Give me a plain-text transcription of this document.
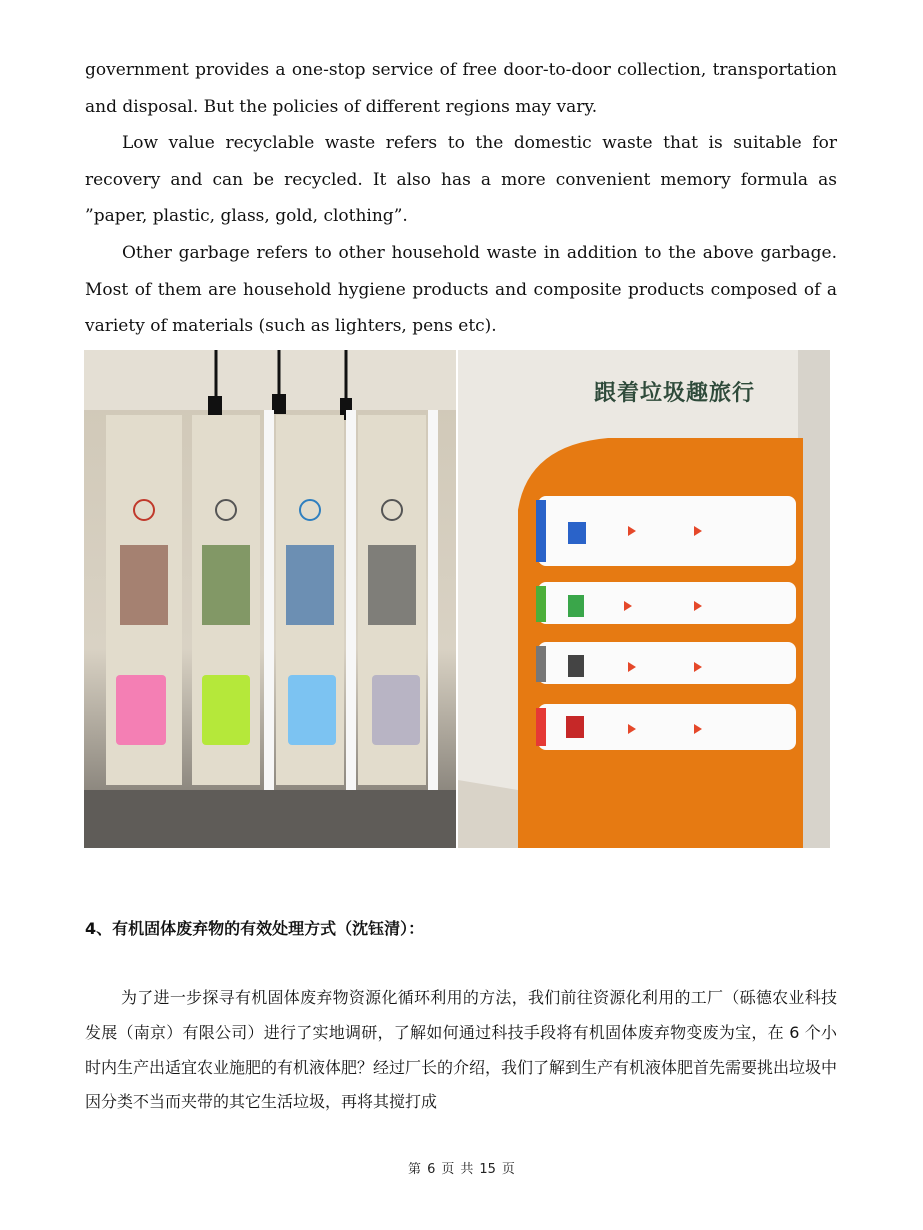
government provides a one-stop service of free door-to-door collection, transportation and disposal. But the policies of different regions may vary.

Low value recyclable waste refers to the domestic waste that is suitable for recovery and can be recycled. It also has a more convenient memory formula as ”paper, plastic, glass, gold, clothing”.

Other garbage refers to other household waste in addition to the above garbage. Most of them are household hygiene products and composite products composed of a variety of materials (such as lighters, pens etc).

跟着垃圾趣旅行
4、有机固体废弃物的有效处理方式（沈钰清）：

为了进一步探寻有机固体废弃物资源化循环利用的方法，我们前往资源化利用的工厂（砾德农业科技发展（南京）有限公司）进行了实地调研，了解如何通过科技手段将有机固体废弃物变废为宝，在 6 个小时内生产出适宜农业施肥的有机液体肥？经过厂长的介绍，我们了解到生产有机液体肥首先需要挑出垃圾中因分类不当而夹带的其它生活垃圾，再将其搅打成

第 6 页 共 15 页
